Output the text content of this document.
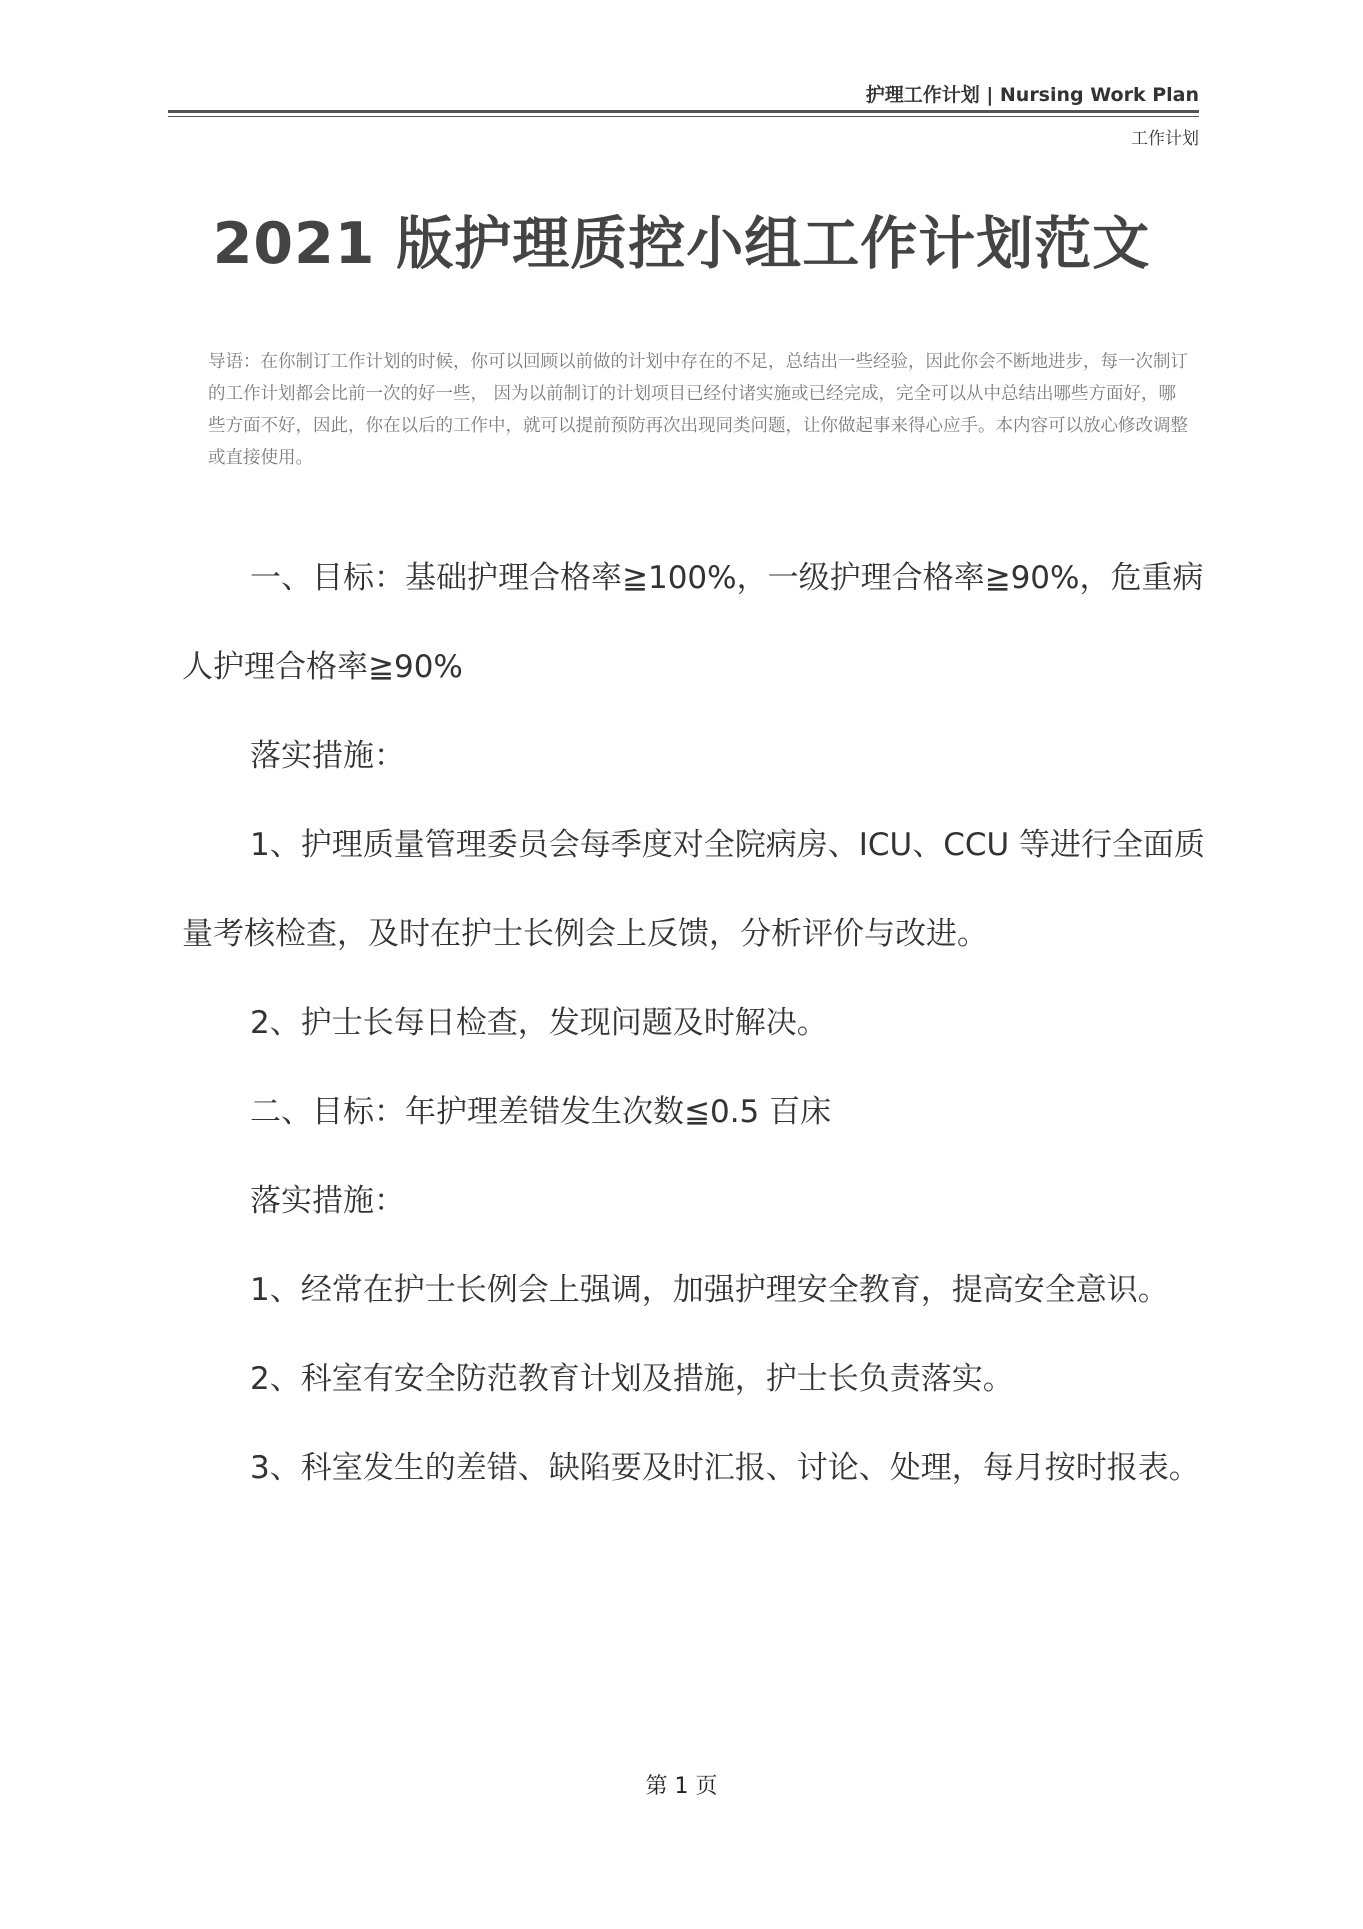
护理工作计划 | Nursing Work Plan
工作计划
2021 版护理质控小组工作计划范文
导语：在你制订工作计划的时候，你可以回顾以前做的计划中存在的不足，总结出一些经验，因此你会不断地进步，每一次制订的工作计划都会比前一次的好一些， 因为以前制订的计划项目已经付诸实施或已经完成，完全可以从中总结出哪些方面好，哪些方面不好，因此，你在以后的工作中，就可以提前预防再次出现同类问题，让你做起事来得心应手。本内容可以放心修改调整或直接使用。

一、目标：基础护理合格率≧100%，一级护理合格率≧90%，危重病人护理合格率≧90%

落实措施：

1、护理质量管理委员会每季度对全院病房、ICU、CCU 等进行全面质量考核检查，及时在护士长例会上反馈，分析评价与改进。

2、护士长每日检查，发现问题及时解决。

二、目标：年护理差错发生次数≦0.5 百床

落实措施：

1、经常在护士长例会上强调，加强护理安全教育，提高安全意识。

2、科室有安全防范教育计划及措施，护士长负责落实。

3、科室发生的差错、缺陷要及时汇报、讨论、处理，每月按时报表。

第 1 页
